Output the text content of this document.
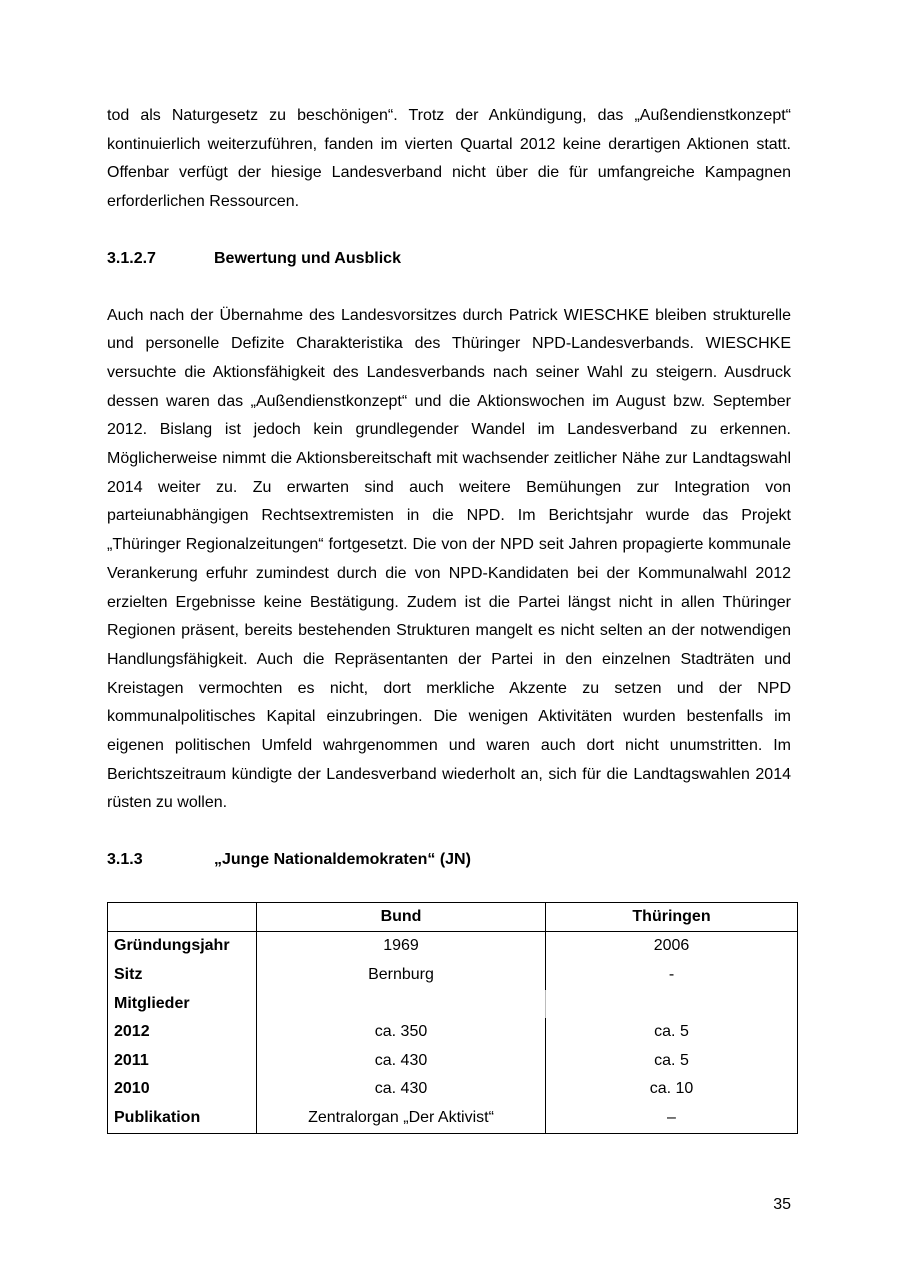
tod als Naturgesetz zu beschönigen“. Trotz der Ankündigung, das „Außendienstkonzept“ kontinuierlich weiterzuführen, fanden im vierten Quartal 2012 keine derartigen Aktionen statt. Offenbar verfügt der hiesige Landesverband nicht über die für umfangreiche Kampagnen erforderlichen Ressourcen.

3.1.2.7	Bewertung und Ausblick

Auch nach der Übernahme des Landesvorsitzes durch Patrick WIESCHKE bleiben strukturelle und personelle Defizite Charakteristika des Thüringer NPD-Landesverbands. WIESCHKE versuchte die Aktionsfähigkeit des Landesverbands nach seiner Wahl zu steigern. Ausdruck dessen waren das „Außendienstkonzept“ und die Aktionswochen im August bzw. September 2012. Bislang ist jedoch kein grundlegender Wandel im Landesverband zu erkennen. Möglicherweise nimmt die Aktionsbereitschaft mit wachsender zeitlicher Nähe zur Landtagswahl 2014 weiter zu. Zu erwarten sind auch weitere Bemühungen zur Integration von parteiunabhängigen Rechtsextremisten in die NPD. Im Berichtsjahr wurde das Projekt „Thüringer Regionalzeitungen“ fortgesetzt. Die von der NPD seit Jahren propagierte kommunale Verankerung erfuhr zumindest durch die von NPD-Kandidaten bei der Kommunalwahl 2012 erzielten Ergebnisse keine Bestätigung. Zudem ist die Partei längst nicht in allen Thüringer Regionen präsent, bereits bestehenden Strukturen mangelt es nicht selten an der notwendigen Handlungsfähigkeit. Auch die Repräsentanten der Partei in den einzelnen Stadträten und Kreistagen vermochten es nicht, dort merkliche Akzente zu setzen und der NPD kommunalpolitisches Kapital einzubringen. Die wenigen Aktivitäten wurden bestenfalls im eigenen politischen Umfeld wahrgenommen und waren auch dort nicht unumstritten. Im Berichtszeitraum kündigte der Landesverband wiederholt an, sich für die Landtagswahlen 2014 rüsten zu wollen.

3.1.3	„Junge Nationaldemokraten“ (JN)
	Bund	Thüringen
Gründungsjahr	1969	2006
Sitz	Bernburg	-
Mitglieder		
2012	ca. 350	ca. 5
2011	ca. 430	ca. 5
2010	ca. 430	ca. 10
Publikation	Zentralorgan „Der Aktivist“	–
35
